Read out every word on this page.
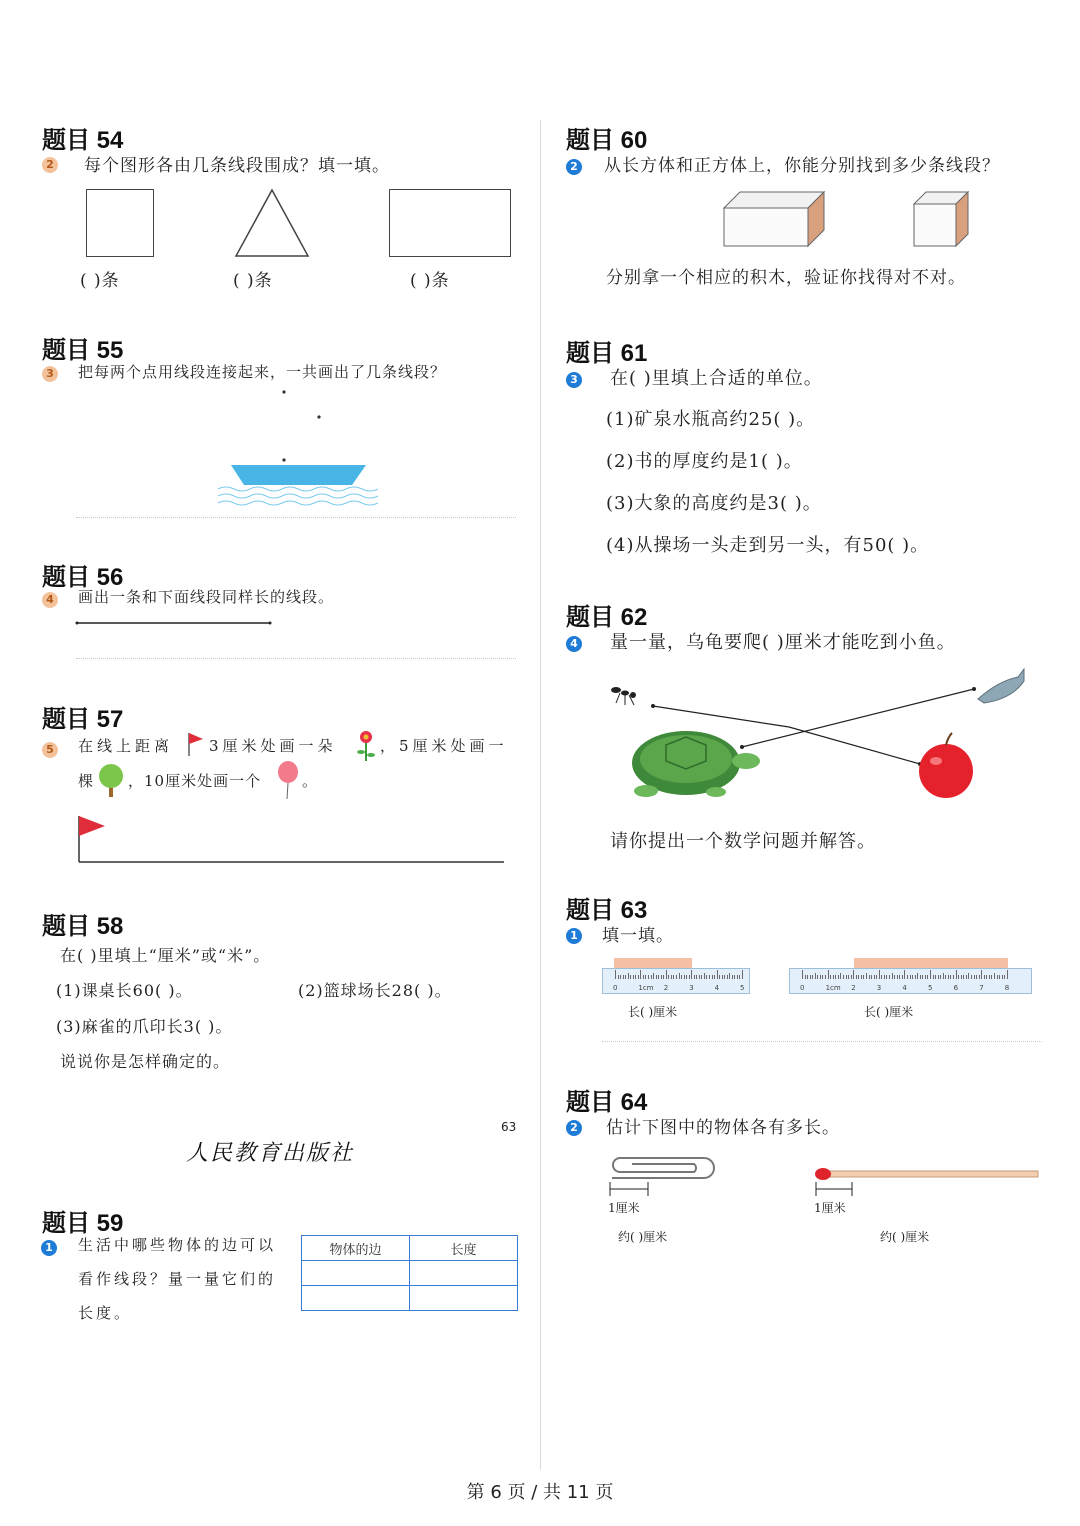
题目 54
2 每个图形各由几条线段围成？填一填。
( )条	( )条	( )条
题目 55
3 把每两个点用线段连接起来，一共画出了几条线段？
题目 56
4 画出一条和下面线段同样长的线段。
题目 57
5 在线上距离 3厘米处画一朵	，5厘米处画一
棵 ，10厘米处画一个	。
题目 58
在( )里填上“厘米”或“米”。
(1)课桌长60( )。	(2)篮球场长28( )。
(3)麻雀的爪印长3( )。
说说你是怎样确定的。
63
人民教育出版社
题目 59
1 生活中哪些物体的边可以
看作线段？量一量它们的
长度。
物体的边	长度

题目 60
2 从长方体和正方体上，你能分别找到多少条线段？
分别拿一个相应的积木，验证你找得对不对。
题目 61
3 在( )里填上合适的单位。
(1)矿泉水瓶高约25( )。
(2)书的厚度约是1( )。
(3)大象的高度约是3( )。
(4)从操场一头走到另一头，有50( )。
题目 62
4 量一量，乌龟要爬( )厘米才能吃到小鱼。
请你提出一个数学问题并解答。
题目 63
1 填一填。
0	1cm 2	3	4	5
长( )厘米
0	1cm 2	3	4	5	6	7	8
长( )厘米
题目 64
2 估计下图中的物体各有多长。
1厘米
约( )厘米
1厘米
约( )厘米
第 6 页 / 共 11 页
